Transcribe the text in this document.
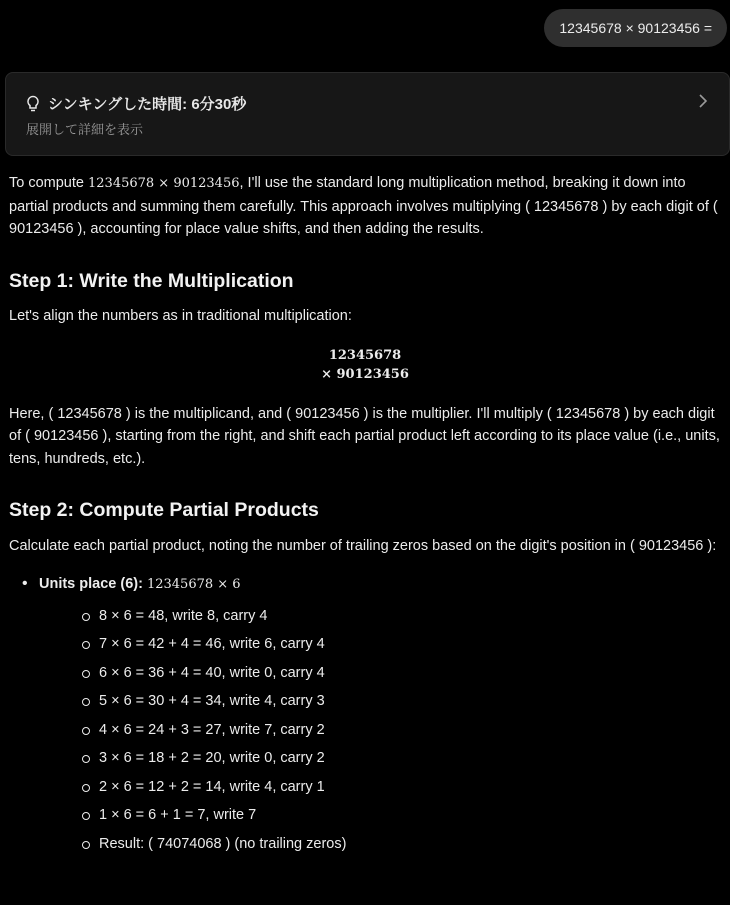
12345678 × 90123456 =
シンキングした時間: 6分30秒
展開して詳細を表示

To compute 12345678 × 90123456, I'll use the standard long multiplication method, breaking it down into partial products and summing them carefully. This approach involves multiplying ( 12345678 ) by each digit of ( 90123456 ), accounting for place value shifts, and then adding the results.

Step 1: Write the Multiplication

Let's align the numbers as in traditional multiplication:

12345678
× 90123456

Here, ( 12345678 ) is the multiplicand, and ( 90123456 ) is the multiplier. I'll multiply ( 12345678 ) by each digit of ( 90123456 ), starting from the right, and shift each partial product left according to its place value (i.e., units, tens, hundreds, etc.).

Step 2: Compute Partial Products

Calculate each partial product, noting the number of trailing zeros based on the digit's position in ( 90123456 ):

• Units place (6): 12345678 × 6
8 × 6 = 48, write 8, carry 4
7 × 6 = 42 + 4 = 46, write 6, carry 4
6 × 6 = 36 + 4 = 40, write 0, carry 4
5 × 6 = 30 + 4 = 34, write 4, carry 3
4 × 6 = 24 + 3 = 27, write 7, carry 2
3 × 6 = 18 + 2 = 20, write 0, carry 2
2 × 6 = 12 + 2 = 14, write 4, carry 1
1 × 6 = 6 + 1 = 7, write 7
Result: ( 74074068 ) (no trailing zeros)
